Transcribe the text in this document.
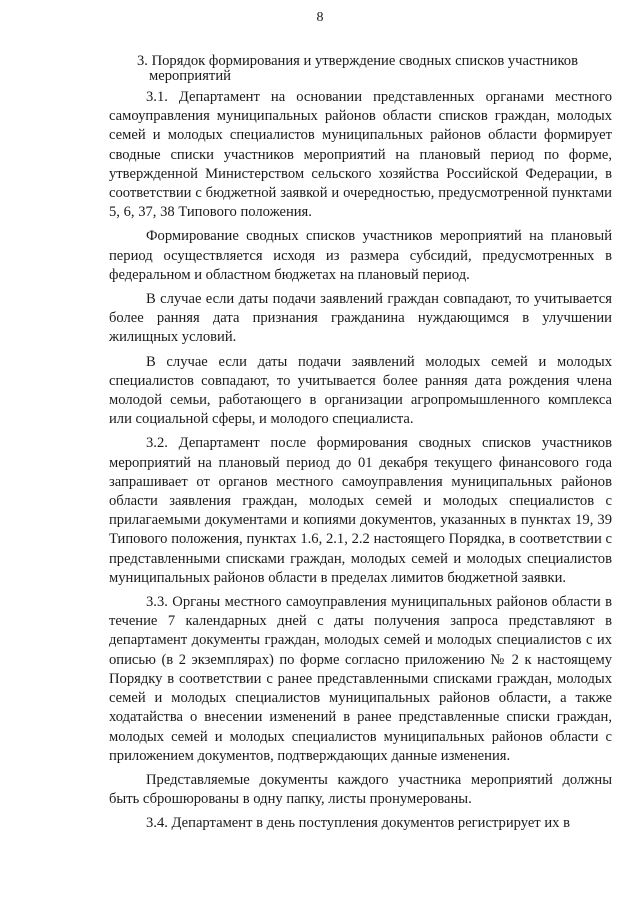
8

3. Порядок формирования и утверждение сводных списков участников мероприятий

3.1. Департамент на основании представленных органами местного самоуправления муниципальных районов области списков граждан, молодых семей и молодых специалистов муниципальных районов области формирует сводные списки участников мероприятий на плановый период по форме, утвержденной Министерством сельского хозяйства Российской Федерации, в соответствии с бюджетной заявкой и очередностью, предусмотренной пунктами 5, 6, 37, 38 Типового положения.

Формирование сводных списков участников мероприятий на плановый период осуществляется исходя из размера субсидий, предусмотренных в федеральном и областном бюджетах на плановый период.

В случае если даты подачи заявлений граждан совпадают, то учитывается более ранняя дата признания гражданина нуждающимся в улучшении жилищных условий.

В случае если даты подачи заявлений молодых семей и молодых специалистов совпадают, то учитывается более ранняя дата рождения члена молодой семьи, работающего в организации агропромышленного комплекса или социальной сферы, и молодого специалиста.

3.2. Департамент после формирования сводных списков участников мероприятий на плановый период до 01 декабря текущего финансового года запрашивает от органов местного самоуправления муниципальных районов области заявления граждан, молодых семей и молодых специалистов с прилагаемыми документами и копиями документов, указанных в пунктах 19, 39 Типового положения, пунктах 1.6, 2.1, 2.2 настоящего Порядка, в соответствии с представленными списками граждан, молодых семей и молодых специалистов муниципальных районов области в пределах лимитов бюджетной заявки.

3.3. Органы местного самоуправления муниципальных районов области в течение 7 календарных дней с даты получения запроса представляют в департамент документы граждан, молодых семей и молодых специалистов с их описью (в 2 экземплярах) по форме согласно приложению № 2 к настоящему Порядку в соответствии с ранее представленными списками граждан, молодых семей и молодых специалистов муниципальных районов области, а также ходатайства о внесении изменений в ранее представленные списки граждан, молодых семей и молодых специалистов муниципальных районов области с приложением документов, подтверждающих данные изменения.

Представляемые документы каждого участника мероприятий должны быть сброшюрованы в одну папку, листы пронумерованы.

3.4. Департамент в день поступления документов регистрирует их в
